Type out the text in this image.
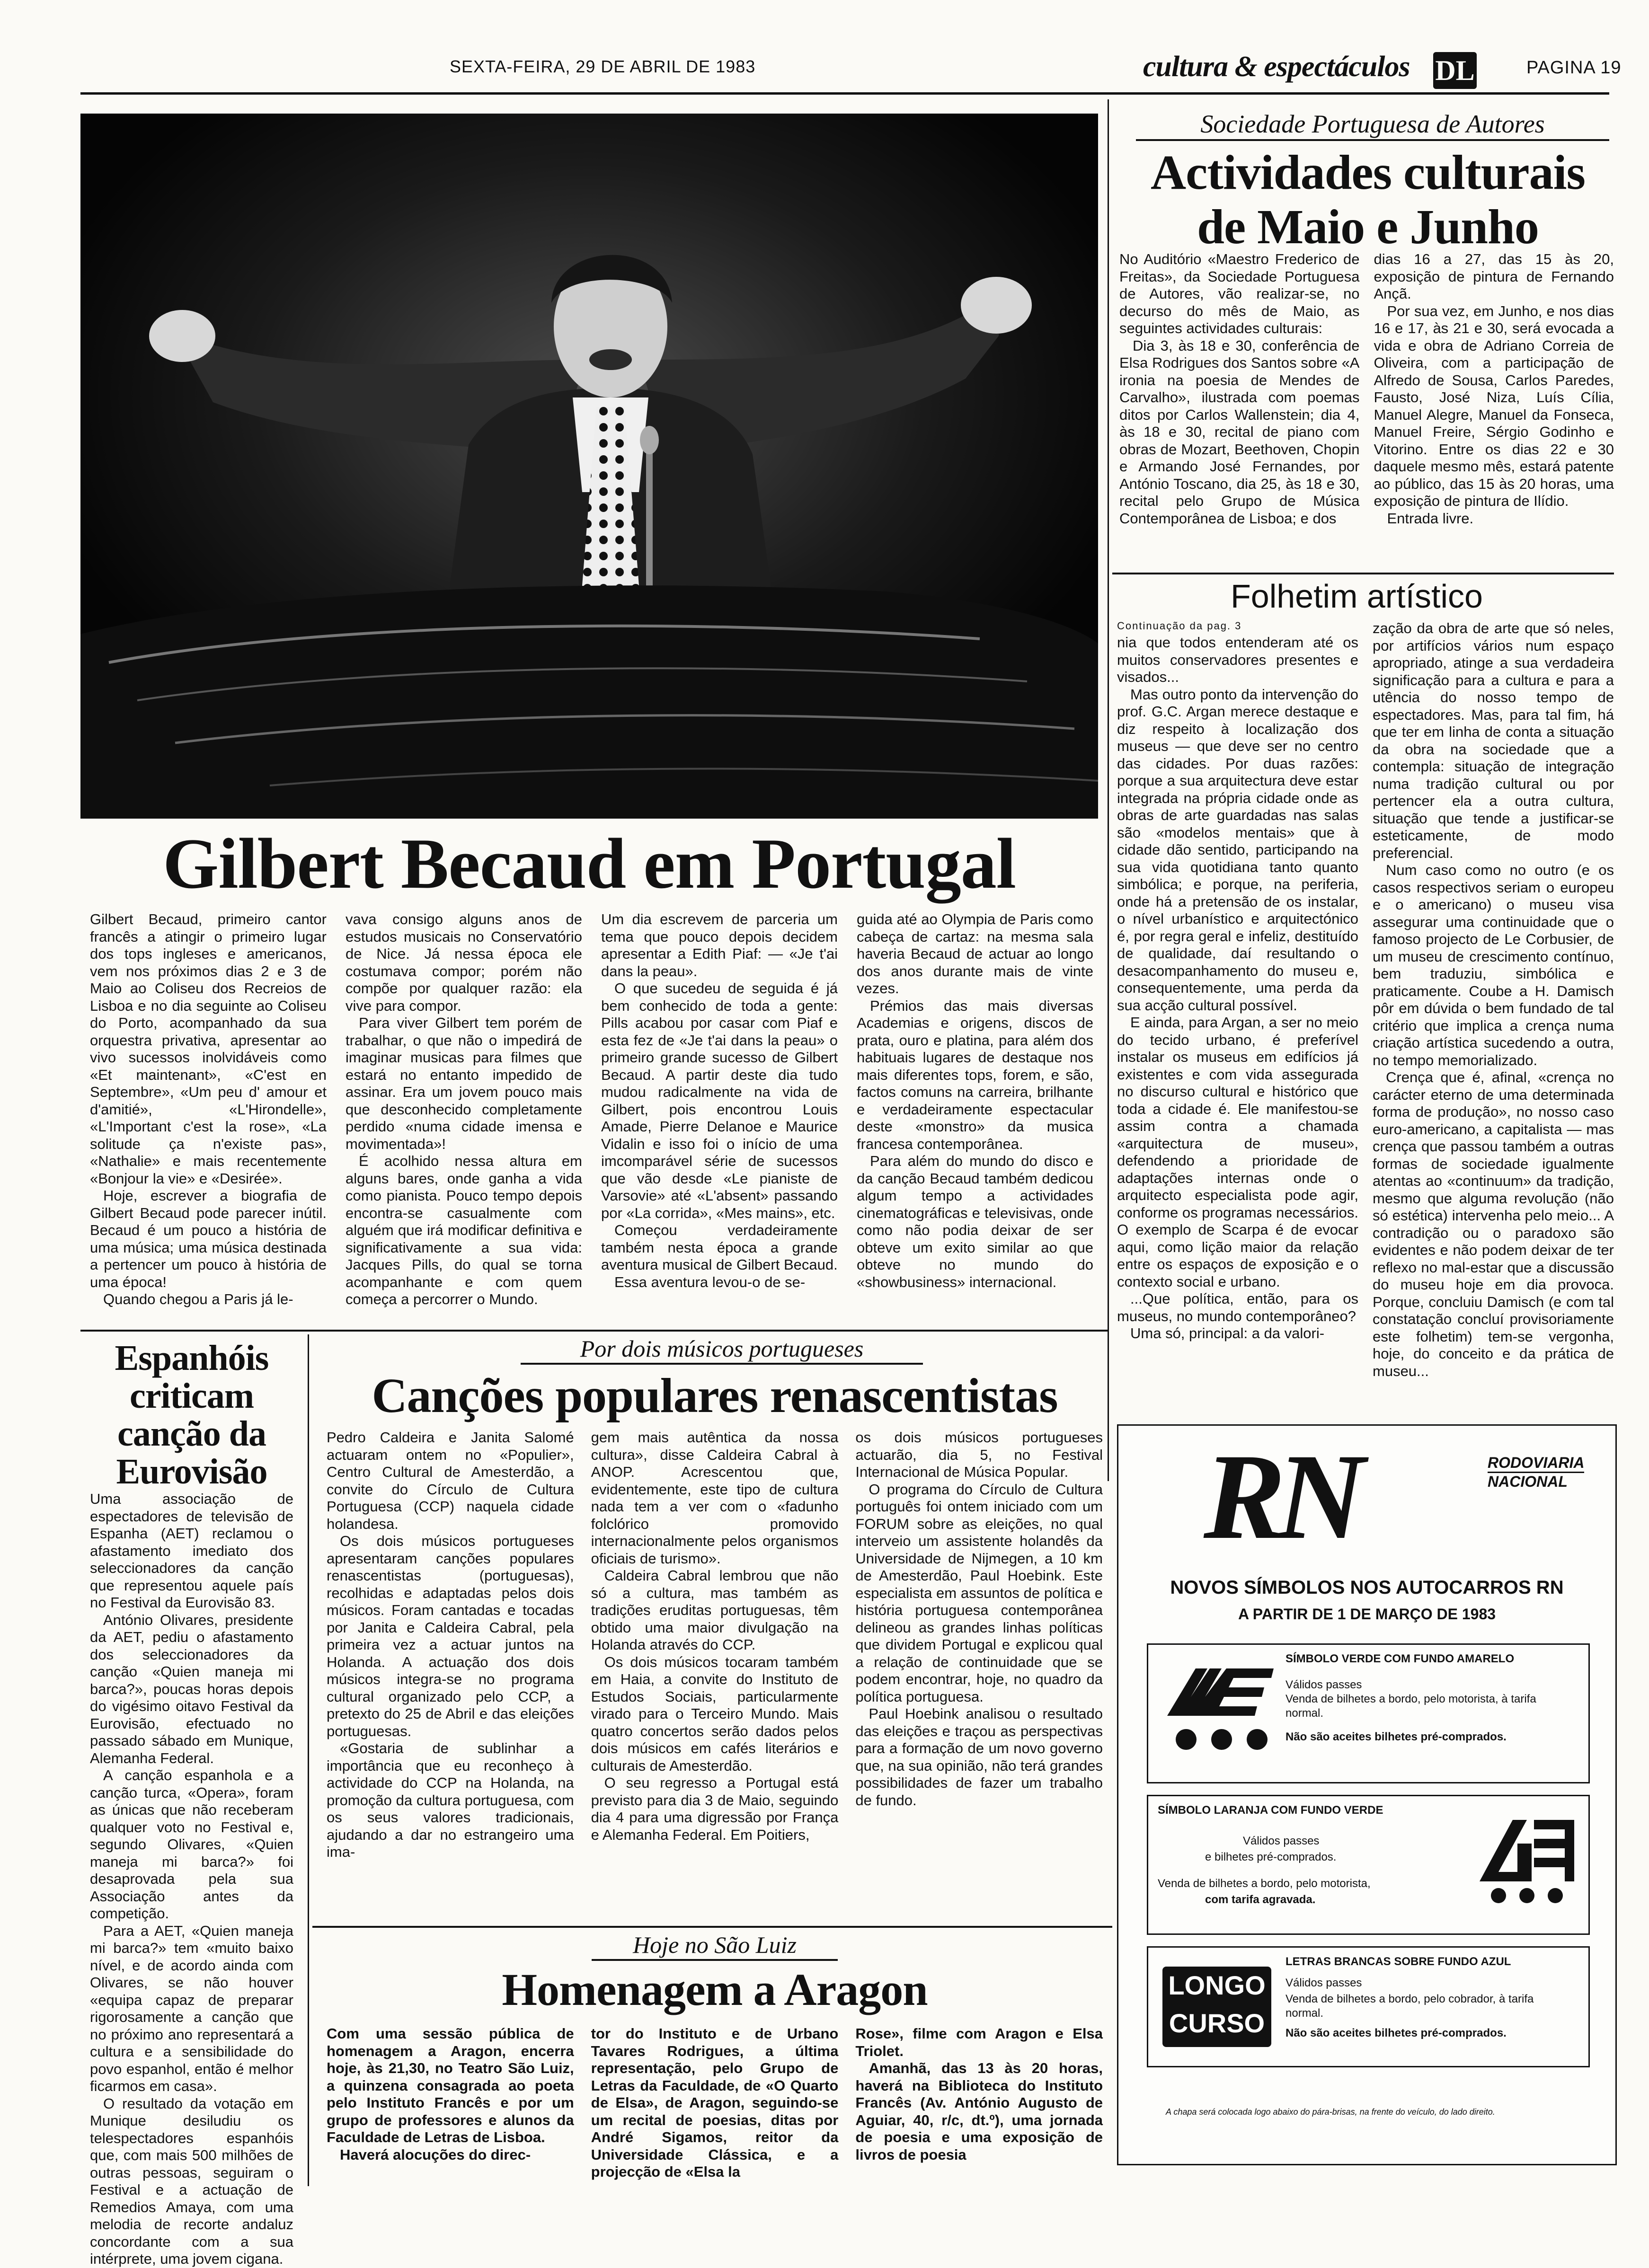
SEXTA-FEIRA, 29 DE ABRIL DE 1983	cultura & espectáculos DL	PAGINA 19
Gilbert Becaud em Portugal

Gilbert Becaud, primeiro cantor francês a atingir o primeiro lugar dos tops ingleses e americanos, vem nos próximos dias 2 e 3 de Maio ao Coliseu dos Recreios de Lisboa e no dia seguinte ao Coliseu do Porto, acompanhado da sua orquestra privativa, apresentar ao vivo sucessos inolvidáveis como «Et maintenant», «C'est en Septembre», «Um peu d' amour et d'amitié», «L'Hirondelle», «L'Important c'est la rose», «La solitude ça n'existe pas», «Nathalie» e mais recentemente «Bonjour la vie» e «Desirée».

Hoje, escrever a biografia de Gilbert Becaud pode parecer inútil. Becaud é um pouco a história de uma música; uma música destinada a pertencer um pouco à história de uma época!

Quando chegou a Paris já le-

vava consigo alguns anos de estudos musicais no Conservatório de Nice. Já nessa época ele costumava compor; porém não compõe por qualquer razão: ela vive para compor.

Para viver Gilbert tem porém de trabalhar, o que não o impedirá de imaginar musicas para filmes que estará no entanto impedido de assinar. Era um jovem pouco mais que desconhecido completamente perdido «numa cidade imensa e movimentada»!

É acolhido nessa altura em alguns bares, onde ganha a vida como pianista. Pouco tempo depois encontra-se casualmente com alguém que irá modificar definitiva e significativamente a sua vida: Jacques Pills, do qual se torna acompanhante e com quem começa a percorrer o Mundo.

Um dia escrevem de parceria um tema que pouco depois decidem apresentar a Edith Piaf: — «Je t'ai dans la peau».

O que sucedeu de seguida é já bem conhecido de toda a gente: Pills acabou por casar com Piaf e esta fez de «Je t'ai dans la peau» o primeiro grande sucesso de Gilbert Becaud. A partir deste dia tudo mudou radicalmente na vida de Gilbert, pois encontrou Louis Amade, Pierre Delanoe e Maurice Vidalin e isso foi o início de uma imcomparável série de sucessos que vão desde «Le pianiste de Varsovie» até «L'absent» passando por «La corrida», «Mes mains», etc.

Começou verdadeiramente também nesta época a grande aventura musical de Gilbert Becaud.

Essa aventura levou-o de se-

guida até ao Olympia de Paris como cabeça de cartaz: na mesma sala haveria Becaud de actuar ao longo dos anos durante mais de vinte vezes.

Prémios das mais diversas Academias e origens, discos de prata, ouro e platina, para além dos habituais lugares de destaque nos mais diferentes tops, forem, e são, factos comuns na carreira, brilhante e verdadeiramente espectacular deste «monstro» da musica francesa contemporânea.

Para além do mundo do disco e da canção Becaud também dedicou algum tempo a actividades cinematográficas e televisivas, onde como não podia deixar de ser obteve um exito similar ao que obteve no mundo do «showbusiness» internacional.

Sociedade Portuguesa de Autores
Actividades culturais
de Maio e Junho

No Auditório «Maestro Frederico de Freitas», da Sociedade Portuguesa de Autores, vão realizar-se, no decurso do mês de Maio, as seguintes actividades culturais:

Dia 3, às 18 e 30, conferência de Elsa Rodrigues dos Santos sobre «A ironia na poesia de Mendes de Carvalho», ilustrada com poemas ditos por Carlos Wallenstein; dia 4, às 18 e 30, recital de piano com obras de Mozart, Beethoven, Chopin e Armando José Fernandes, por António Toscano, dia 25, às 18 e 30, recital pelo Grupo de Música Contemporânea de Lisboa; e dos

dias 16 a 27, das 15 às 20, exposição de pintura de Fernando Ançã.

Por sua vez, em Junho, e nos dias 16 e 17, às 21 e 30, será evocada a vida e obra de Adriano Correia de Oliveira, com a participação de Alfredo de Sousa, Carlos Paredes, Fausto, José Niza, Luís Cília, Manuel Alegre, Manuel da Fonseca, Manuel Freire, Sérgio Godinho e Vitorino. Entre os dias 22 e 30 daquele mesmo mês, estará patente ao público, das 15 às 20 horas, uma exposição de pintura de Ilídio.

Entrada livre.

Folhetim artístico
Continuação da pag. 3

nia que todos entenderam até os muitos conservadores presentes e visados...

Mas outro ponto da intervenção do prof. G.C. Argan merece destaque e diz respeito à localização dos museus — que deve ser no centro das cidades. Por duas razões: porque a sua arquitectura deve estar integrada na própria cidade onde as obras de arte guardadas nas salas são «modelos mentais» que à cidade dão sentido, participando na sua vida quotidiana tanto quanto simbólica; e porque, na periferia, onde há a pretensão de os instalar, o nível urbanístico e arquitectónico é, por regra geral e infeliz, destituído de qualidade, daí resultando o desacompanhamento do museu e, consequentemente, uma perda da sua acção cultural possível.

E ainda, para Argan, a ser no meio do tecido urbano, é preferível instalar os museus em edifícios já existentes e com vida assegurada no discurso cultural e histórico que toda a cidade é. Ele manifestou-se assim contra a chamada «arquitectura de museu», defendendo a prioridade de adaptações internas onde o arquitecto especialista pode agir, conforme os programas necessários. O exemplo de Scarpa é de evocar aqui, como lição maior da relação entre os espaços de exposição e o contexto social e urbano.

...Que política, então, para os museus, no mundo contemporâneo?

Uma só, principal: a da valori-

zação da obra de arte que só neles, por artifícios vários num espaço apropriado, atinge a sua verdadeira significação para a cultura e para a utência do nosso tempo de espectadores. Mas, para tal fim, há que ter em linha de conta a situação da obra na sociedade que a contempla: situação de integração numa tradição cultural ou por pertencer ela a outra cultura, situação que tende a justificar-se esteticamente, de modo preferencial.

Num caso como no outro (e os casos respectivos seriam o europeu e o americano) o museu visa assegurar uma continuidade que o famoso projecto de Le Corbusier, de um museu de crescimento contínuo, bem traduziu, simbólica e praticamente. Coube a H. Damisch pôr em dúvida o bem fundado de tal critério que implica a crença numa criação artística sucedendo a outra, no tempo memorializado.

Crença que é, afinal, «crença no carácter eterno de uma determinada forma de produção», no nosso caso euro-americano, a capitalista — mas crença que passou também a outras formas de sociedade igualmente atentas ao «continuum» da tradição, mesmo que alguma revolução (não só estética) intervenha pelo meio... A contradição ou o paradoxo são evidentes e não podem deixar de ter reflexo no mal-estar que a discussão do museu hoje em dia provoca. Porque, concluiu Damisch (e com tal constatação concluí provisoriamente este folhetim) tem-se vergonha, hoje, do conceito e da prática de museu...

Espanhóis criticam canção da Eurovisão

Uma associação de espectadores de televisão de Espanha (AET) reclamou o afastamento imediato dos seleccionadores da canção que representou aquele país no Festival da Eurovisão 83.

António Olivares, presidente da AET, pediu o afastamento dos seleccionadores da canção «Quien maneja mi barca?», poucas horas depois do vigésimo oitavo Festival da Eurovisão, efectuado no passado sábado em Munique, Alemanha Federal.

A canção espanhola e a canção turca, «Opera», foram as únicas que não receberam qualquer voto no Festival e, segundo Olivares, «Quien maneja mi barca?» foi desaprovada pela sua Associação antes da competição.

Para a AET, «Quien maneja mi barca?» tem «muito baixo nível, e de acordo ainda com Olivares, se não houver «equipa capaz de preparar rigorosamente a canção que no próximo ano representará a cultura e a sensibilidade do povo espanhol, então é melhor ficarmos em casa».

O resultado da votação em Munique desiludiu os telespectadores espanhóis que, com mais 500 milhões de outras pessoas, seguiram o Festival e a actuação de Remedios Amaya, com uma melodia de recorte andaluz concordante com a sua intérprete, uma jovem cigana.

Por dois músicos portugueses
Canções populares renascentistas

Pedro Caldeira e Janita Salomé actuaram ontem no «Populier», Centro Cultural de Amesterdão, a convite do Círculo de Cultura Portuguesa (CCP) naquela cidade holandesa.

Os dois músicos portugueses apresentaram canções populares renascentistas (portuguesas), recolhidas e adaptadas pelos dois músicos. Foram cantadas e tocadas por Janita e Caldeira Cabral, pela primeira vez a actuar juntos na Holanda. A actuação dos dois músicos integra-se no programa cultural organizado pelo CCP, a pretexto do 25 de Abril e das eleições portuguesas.

«Gostaria de sublinhar a importância que eu reconheço à actividade do CCP na Holanda, na promoção da cultura portuguesa, com os seus valores tradicionais, ajudando a dar no estrangeiro uma ima-

gem mais autêntica da nossa cultura», disse Caldeira Cabral à ANOP. Acrescentou que, evidentemente, este tipo de cultura nada tem a ver com o «fadunho folclórico promovido internacionalmente pelos organismos oficiais de turismo».

Caldeira Cabral lembrou que não só a cultura, mas também as tradições eruditas portuguesas, têm obtido uma maior divulgação na Holanda através do CCP.

Os dois músicos tocaram também em Haia, a convite do Instituto de Estudos Sociais, particularmente virado para o Terceiro Mundo. Mais quatro concertos serão dados pelos dois músicos em cafés literários e culturais de Amesterdão.

O seu regresso a Portugal está previsto para dia 3 de Maio, seguindo dia 4 para uma digressão por França e Alemanha Federal. Em Poitiers,

os dois músicos portugueses actuarão, dia 5, no Festival Internacional de Música Popular.

O programa do Círculo de Cultura português foi ontem iniciado com um FORUM sobre as eleições, no qual interveio um assistente holandês da Universidade de Nijmegen, a 10 km de Amesterdão, Paul Hoebink. Este especialista em assuntos de política e história portuguesa contemporânea delineou as grandes linhas políticas que dividem Portugal e explicou qual a relação de continuidade que se podem encontrar, hoje, no quadro da política portuguesa.

Paul Hoebink analisou o resultado das eleições e traçou as perspectivas para a formação de um novo governo que, na sua opinião, não terá grandes possibilidades de fazer um trabalho de fundo.

Hoje no São Luiz
Homenagem a Aragon

Com uma sessão pública de homenagem a Aragon, encerra hoje, às 21,30, no Teatro São Luiz, a quinzena consagrada ao poeta pelo Instituto Francês e por um grupo de professores e alunos da Faculdade de Letras de Lisboa.

Haverá alocuções do direc-

tor do Instituto e de Urbano Tavares Rodrigues, a última representação, pelo Grupo de Letras da Faculdade, de «O Quarto de Elsa», de Aragon, seguindo-se um recital de poesias, ditas por André Sigamos, reitor da Universidade Clássica, e a projecção de «Elsa la

Rose», filme com Aragon e Elsa Triolet.

Amanhã, das 13 às 20 horas, haverá na Biblioteca do Instituto Francês (Av. António Augusto de Aguiar, 40, r/c, dt.º), uma jornada de poesia e uma exposição de livros de poesia

RN	RODOVIARIA
NACIONAL
NOVOS SÍMBOLOS NOS AUTOCARROS RN
A PARTIR DE 1 DE MARÇO DE 1983
SÍMBOLO VERDE COM FUNDO AMARELO
Válidos passes
Venda de bilhetes a bordo, pelo motorista, à tarifa normal.
Não são aceites bilhetes pré-comprados.
SÍMBOLO LARANJA COM FUNDO VERDE
Válidos passes
e bilhetes pré-comprados.
Venda de bilhetes a bordo, pelo motorista,
com tarifa agravada.
LONGO
CURSO
LETRAS BRANCAS SOBRE FUNDO AZUL
Válidos passes
Venda de bilhetes a bordo, pelo cobrador, à tarifa normal.
Não são aceites bilhetes pré-comprados.
A chapa será colocada logo abaixo do pára-brisas, na frente do veículo, do lado direito.
